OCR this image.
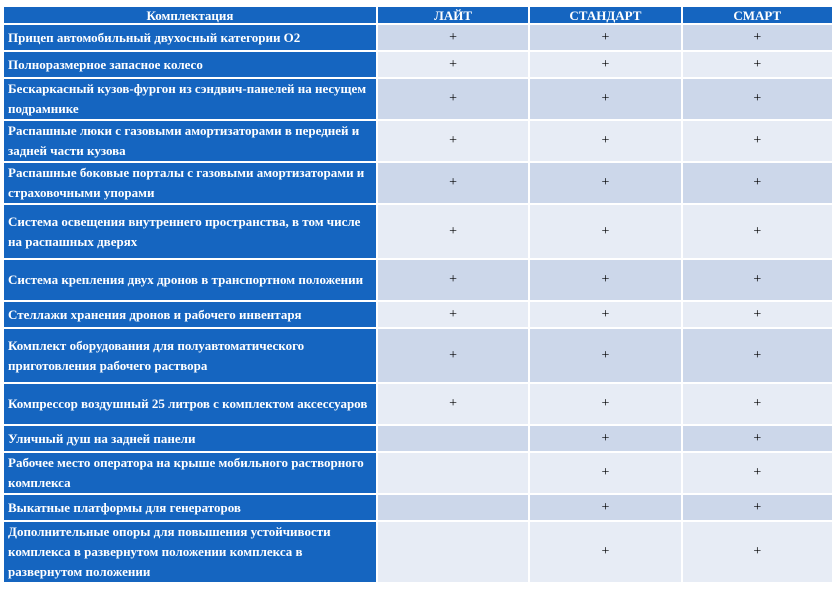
Комплектация	ЛАЙТ	СТАНДАРТ	СМАРТ
Прицеп автомобильный двухосный категории О2	+	+	+
Полноразмерное запасное колесо	+	+	+
Бескаркасный кузов-фургон из сэндвич-панелей на несущем подрамнике	+	+	+
Распашные люки с газовыми амортизаторами в передней и задней части кузова	+	+	+
Распашные боковые порталы с газовыми амортизаторами и страховочными упорами	+	+	+
Система освещения внутреннего пространства, в том числе на распашных дверях	+	+	+
Система крепления двух дронов в транспортном положении	+	+	+
Стеллажи хранения дронов и рабочего инвентаря	+	+	+
Комплект оборудования для полуавтоматического приготовления рабочего раствора	+	+	+
Компрессор воздушный 25 литров с комплектом аксессуаров	+	+	+
Уличный душ на задней панели		+	+
Рабочее место оператора на крыше мобильного растворного комплекса		+	+
Выкатные платформы для генераторов		+	+
Дополнительные опоры для повышения устойчивости комплекса в развернутом положении комплекса в развернутом положении		+	+
